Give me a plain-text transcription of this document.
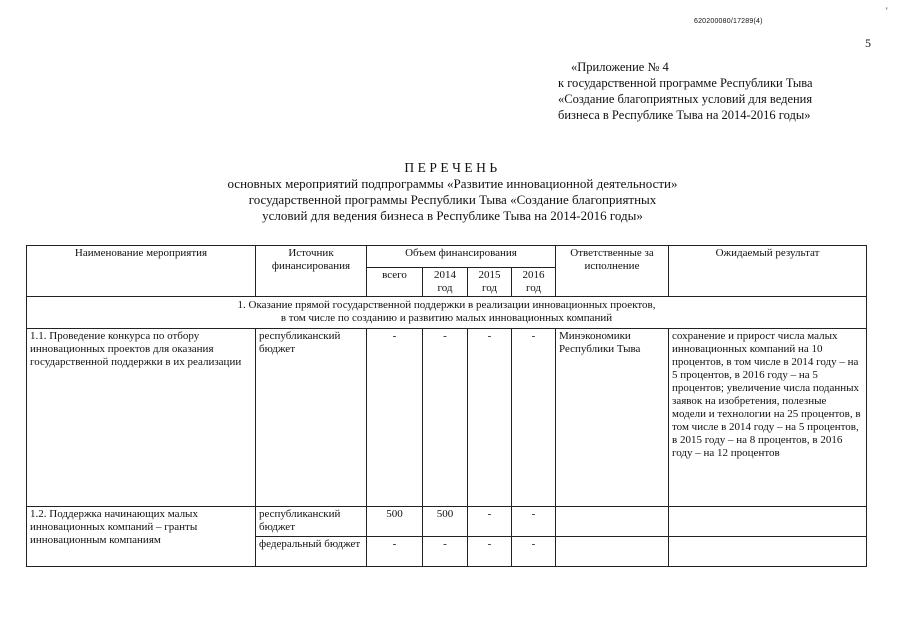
'
620200080/17289(4)
5
«Приложение № 4
к государственной программе Республики Тыва
«Создание благоприятных условий для ведения
бизнеса в Республике Тыва на 2014-2016 годы»
ПЕРЕЧЕНЬ
основных мероприятий подпрограммы «Развитие инновационной деятельности»
государственной программы Республики Тыва «Создание благоприятных
условий для ведения бизнеса в Республике Тыва на 2014-2016 годы»
Наименование мероприятия	Источник финансирования	Объем финансирования				Ответственные за исполнение	Ожидаемый результат
		всего	2014 год	2015 год	2016 год		

1. Оказание прямой государственной поддержки в реализации инновационных проектов,
в том числе по созданию и развитию малых инновационных компаний							

1.1. Проведение конкурса по отбору инновационных проектов для оказания государственной поддержки в их реализации	республиканский бюджет	-	-	-	-	Минэкономики Республики Тыва	сохранение и прирост числа малых инновационных компаний на 10 процентов, в том числе в 2014 году – на 5 процентов, в 2016 году – на 5 процентов; увеличение числа поданных заявок на изобретения, полезные модели и технологии на 25 процентов, в том числе в 2014 году – на 5 процентов, в 2015 году – на 8 процентов, в 2016 году – на 12 процентов
1.2. Поддержка начинающих малых инновационных компаний – гранты инновационным компаниям	республиканский бюджет	500	500	-	-		
	федеральный бюджет	-	-	-	-		
